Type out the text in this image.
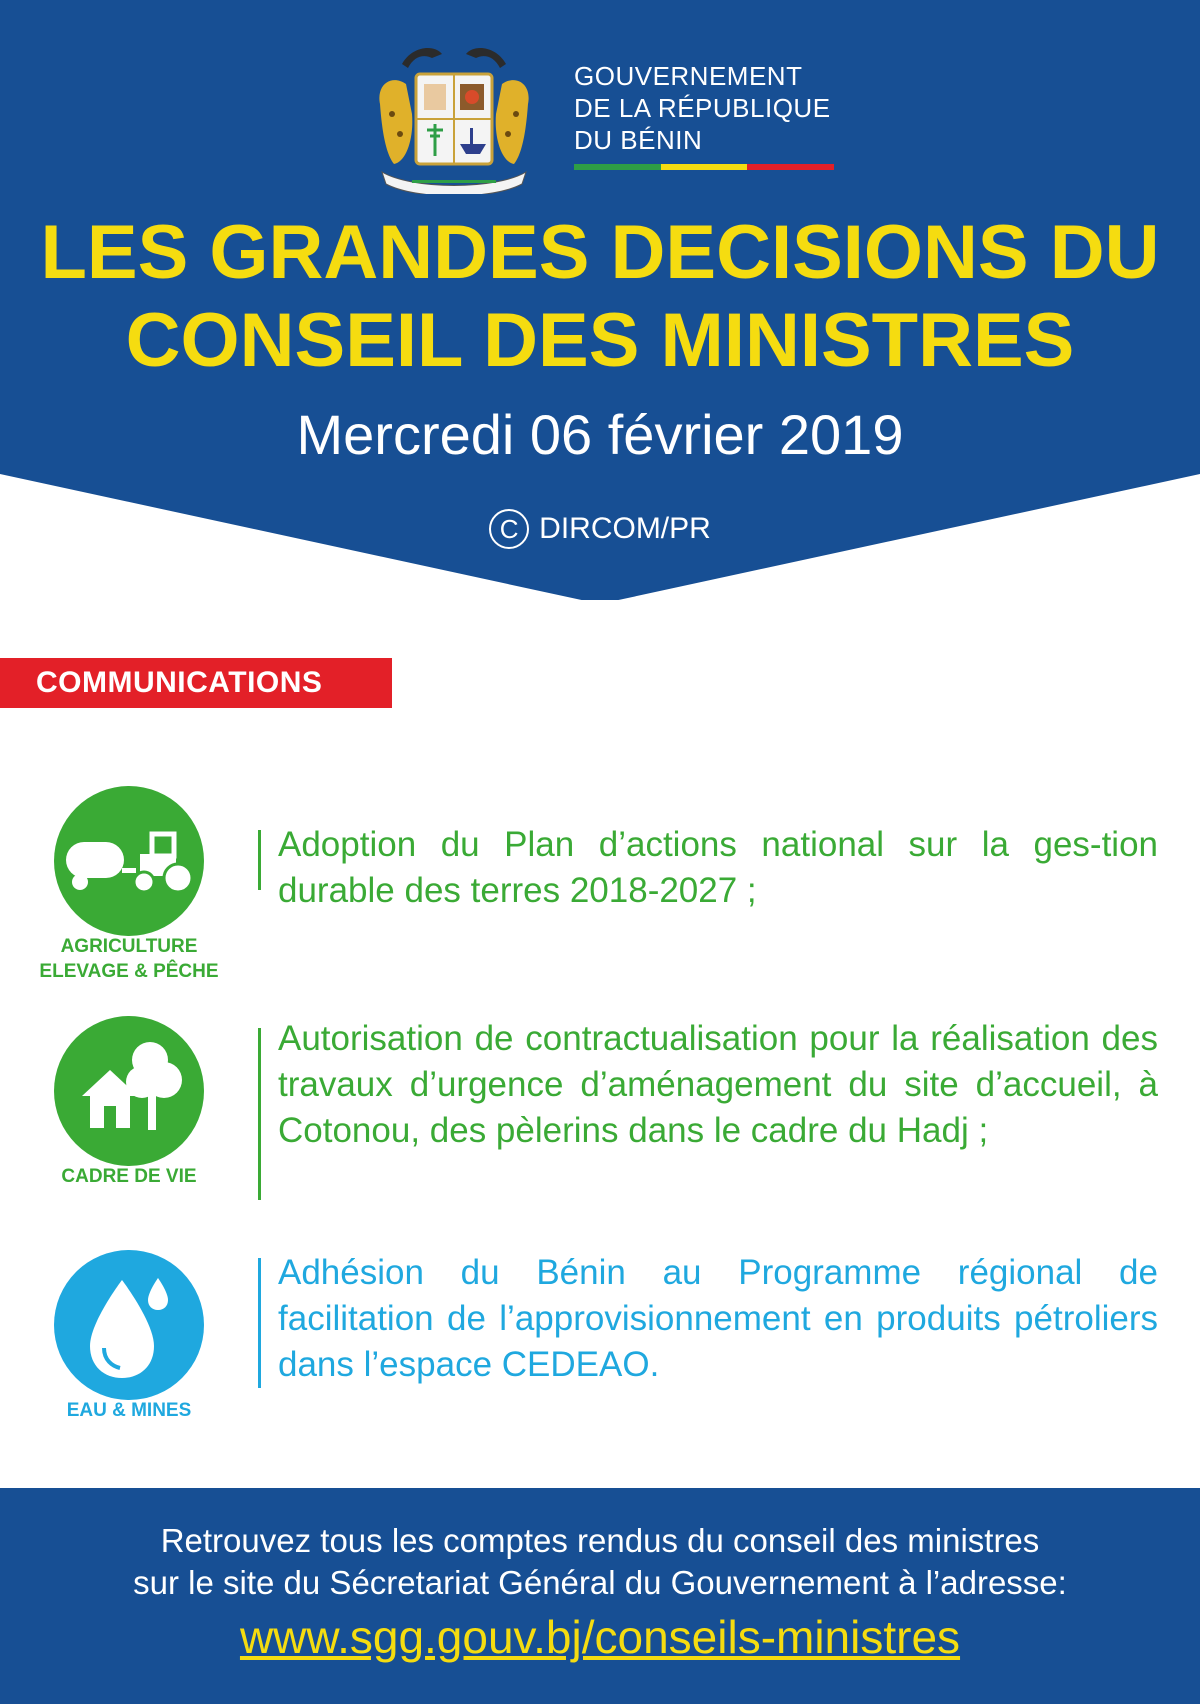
GOUVERNEMENT
DE LA RÉPUBLIQUE
DU BÉNIN
LES GRANDES DECISIONS DU
CONSEIL DES MINISTRES
Mercredi 06 février 2019
C DIRCOM/PR
COMMUNICATIONS
AGRICULTURE
ELEVAGE & PÊCHE
Adoption du Plan d’actions national sur la ges-tion durable des terres 2018-2027 ;
CADRE DE VIE
Autorisation de contractualisation pour la réalisation des travaux d’urgence d’aménagement du site d’accueil, à Cotonou, des pèlerins dans le cadre du Hadj ;
EAU & MINES
Adhésion du Bénin au Programme régional de facilitation de l’approvisionnement en produits pétroliers dans l’espace CEDEAO.
Retrouvez tous les comptes rendus du conseil des ministres
sur le site du Sécretariat Général du Gouvernement à l’adresse:
www.sgg.gouv.bj/conseils-ministres
